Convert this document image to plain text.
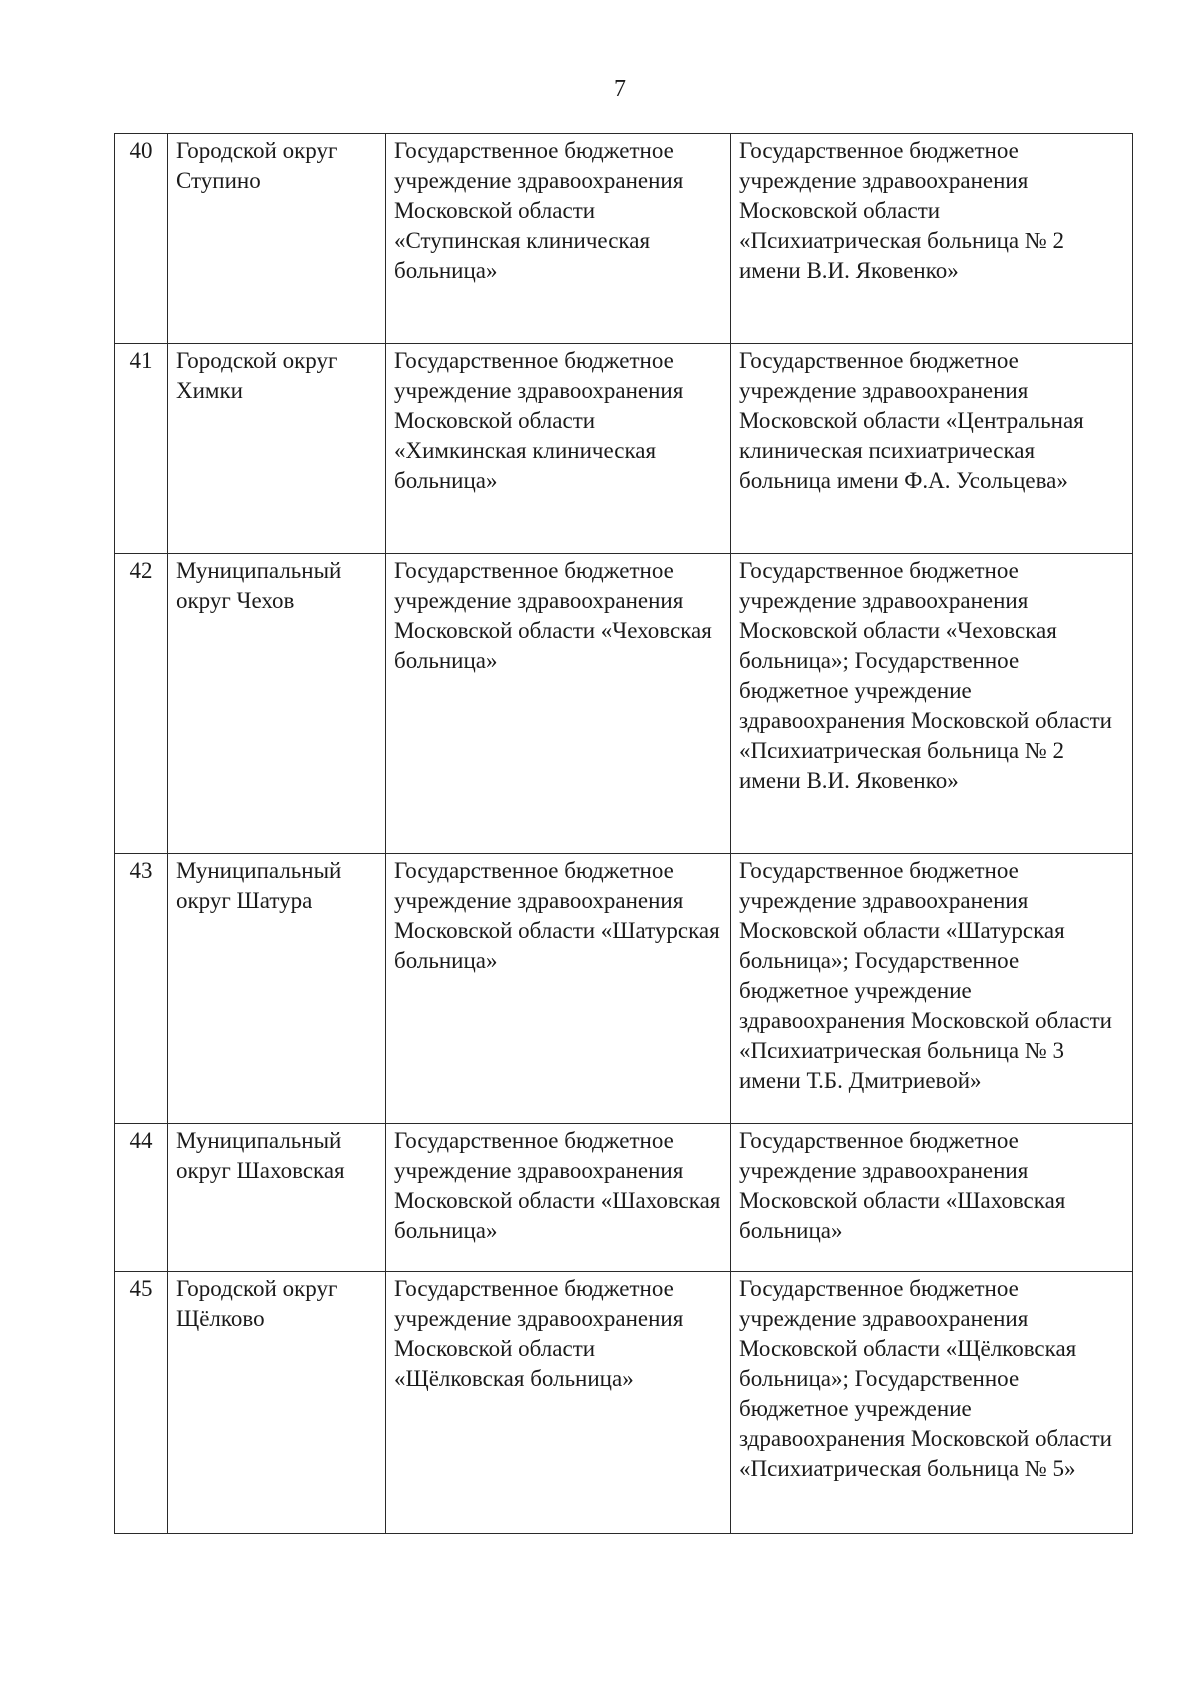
7
40	Городской округ Ступино	Государственное бюджетное учреждение здравоохранения Московской области «Ступинская клиническая больница»	Государственное бюджетное учреждение здравоохранения Московской области «Психиатрическая больница № 2 имени В.И. Яковенко»
41	Городской округ Химки	Государственное бюджетное учреждение здравоохранения Московской области «Химкинская клиническая больница»	Государственное бюджетное учреждение здравоохранения Московской области «Центральная клиническая психиатрическая больница имени Ф.А. Усольцева»
42	Муниципальный округ Чехов	Государственное бюджетное учреждение здравоохранения Московской области «Чеховская больница»	Государственное бюджетное учреждение здравоохранения Московской области «Чеховская больница»; Государственное бюджетное учреждение здравоохранения Московской области «Психиатрическая больница № 2 имени В.И. Яковенко»
43	Муниципальный округ Шатура	Государственное бюджетное учреждение здравоохранения Московской области «Шатурская больница»	Государственное бюджетное учреждение здравоохранения Московской области «Шатурская больница»; Государственное бюджетное учреждение здравоохранения Московской области «Психиатрическая больница № 3 имени Т.Б. Дмитриевой»
44	Муниципальный округ Шаховская	Государственное бюджетное учреждение здравоохранения Московской области «Шаховская больница»	Государственное бюджетное учреждение здравоохранения Московской области «Шаховская больница»
45	Городской округ Щёлково	Государственное бюджетное учреждение здравоохранения Московской области «Щёлковская больница»	Государственное бюджетное учреждение здравоохранения Московской области «Щёлковская больница»; Государственное бюджетное учреждение здравоохранения Московской области «Психиатрическая больница № 5»
